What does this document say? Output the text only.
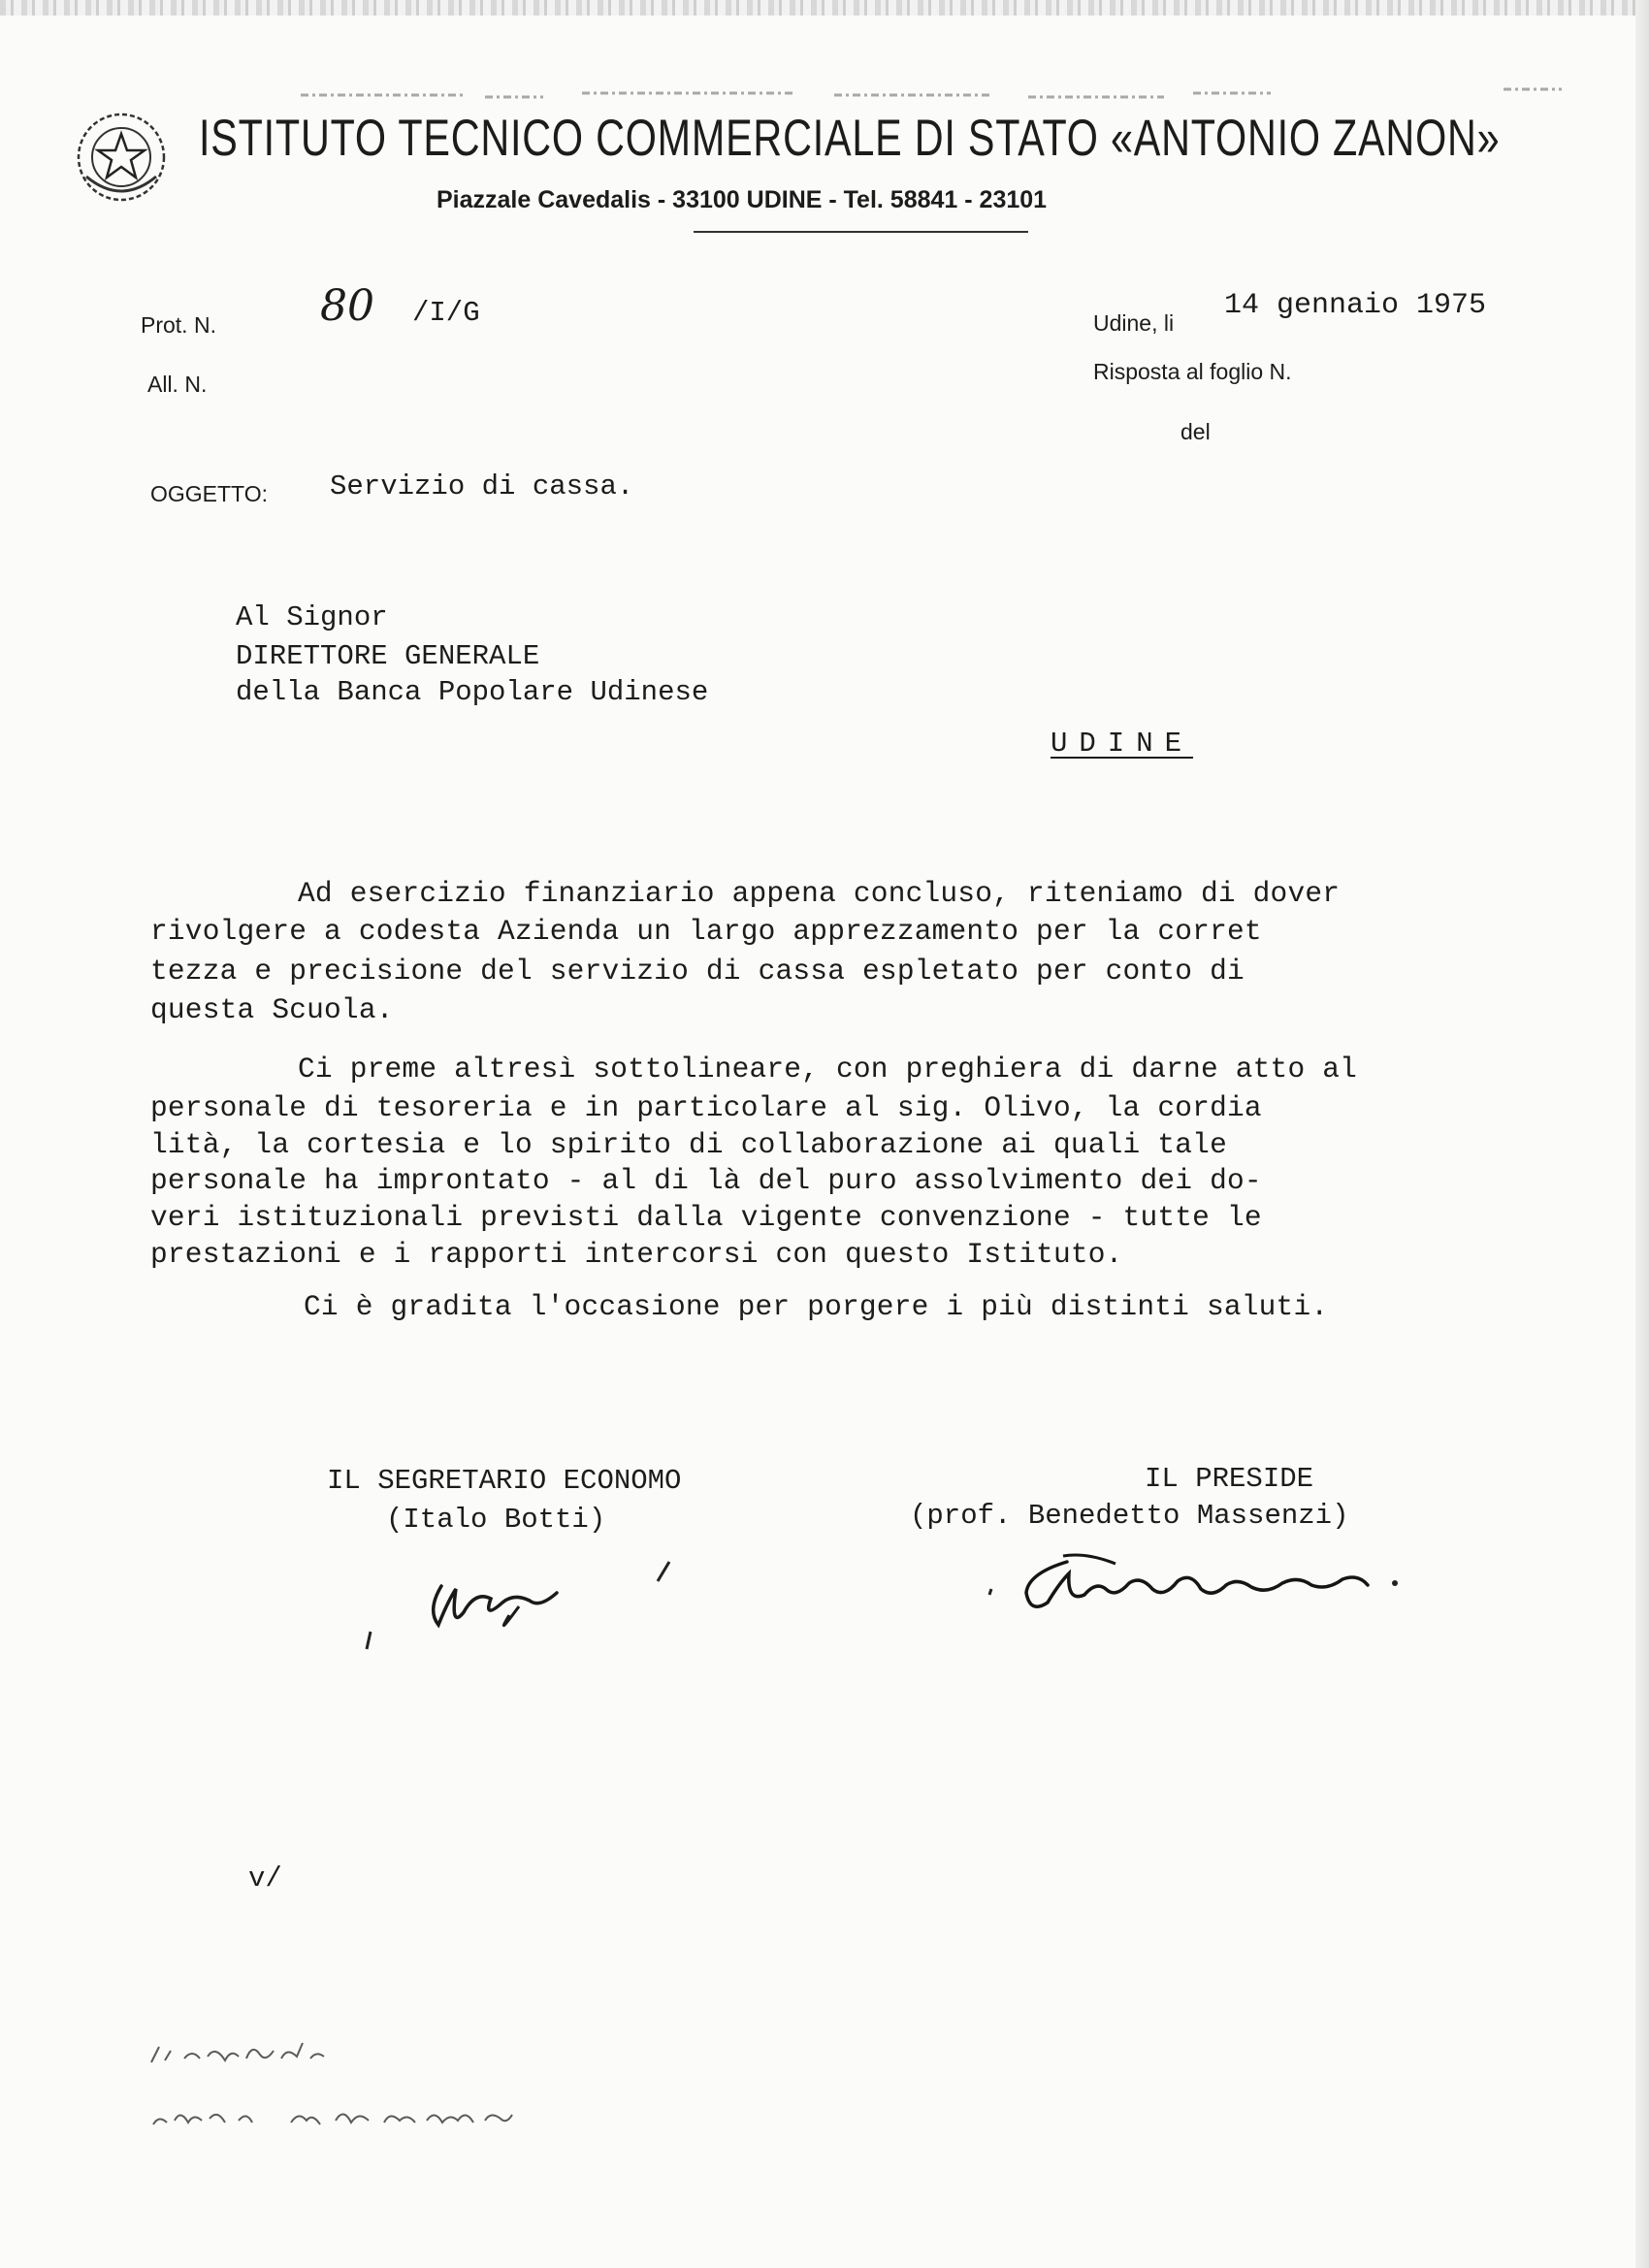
ISTITUTO TECNICO COMMERCIALE DI STATO «ANTONIO ZANON»
Piazzale Cavedalis - 33100 UDINE - Tel. 58841 - 23101
Prot. N. 80 /I/G
All. N.
Udine, li
14 gennaio 1975
Risposta al foglio N.
del
OGGETTO: Servizio di cassa.
Al Signor
DIRETTORE GENERALE
della Banca Popolare Udinese
UDINE
Ad esercizio finanziario appena concluso, riteniamo di dover
rivolgere a codesta Azienda un largo apprezzamento per la corret
tezza e precisione del servizio di cassa espletato per conto di
questa Scuola.
Ci preme altresì sottolineare, con preghiera di darne atto al
personale di tesoreria e in particolare al sig. Olivo, la cordia
lità, la cortesia e lo spirito di collaborazione ai quali tale
personale ha improntato - al di là del puro assolvimento dei do-
veri istituzionali previsti dalla vigente convenzione - tutte le
prestazioni e i rapporti intercorsi con questo Istituto.
Ci è gradita l'occasione per porgere i più distinti saluti.
IL SEGRETARIO ECONOMO
(Italo Botti)
IL PRESIDE
(prof. Benedetto Massenzi)
v/
